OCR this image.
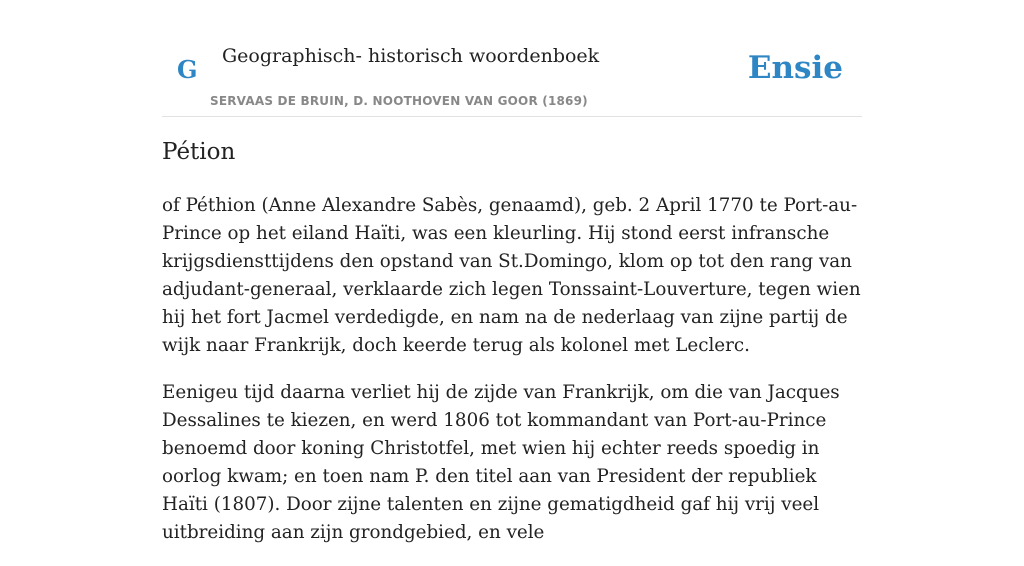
G Geographisch- historisch woordenboek
SERVAAS DE BRUIN, D. NOOTHOVEN VAN GOOR (1869)
Ensie
Pétion

of Péthion (Anne Alexandre Sabès, genaamd), geb. 2 April 1770 te Port-au-Prince op het eiland Haïti, was een kleurling. Hij stond eerst infransche krijgsdiensttijdens den opstand van St.Domingo, klom op tot den rang van adjudant-generaal, verklaarde zich legen Tonssaint-Louverture, tegen wien hij het fort Jacmel verdedigde, en nam na de nederlaag van zijne partij de wijk naar Frankrijk, doch keerde terug als kolonel met Leclerc.

Eenigeu tijd daarna verliet hij de zijde van Frankrijk, om die van Jacques Dessalines te kiezen, en werd 1806 tot kommandant van Port-au-Prince benoemd door koning Christotfel, met wien hij echter reeds spoedig in oorlog kwam; en toen nam P. den titel aan van President der republiek Haïti (1807). Door zijne talenten en zijne gematigdheid gaf hij vrij veel uitbreiding aan zijn grondgebied, en vele
